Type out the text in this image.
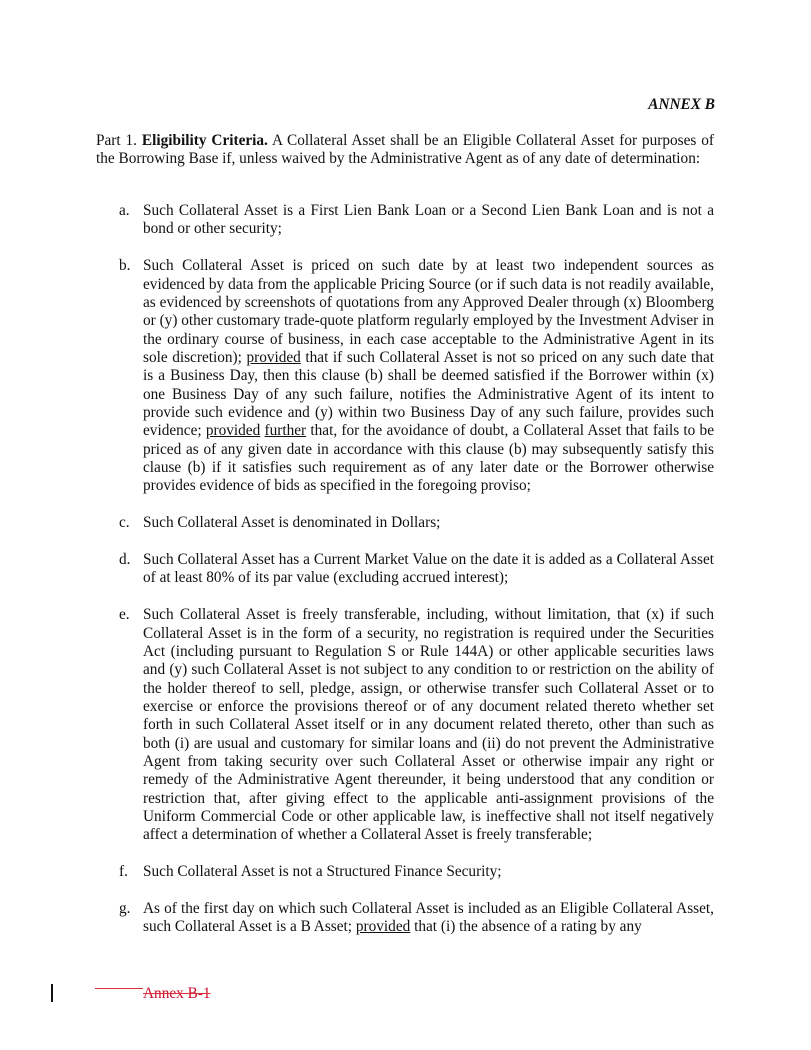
ANNEX B
Part 1. Eligibility Criteria. A Collateral Asset shall be an Eligible Collateral Asset for purposes of the Borrowing Base if, unless waived by the Administrative Agent as of any date of determination:
a. Such Collateral Asset is a First Lien Bank Loan or a Second Lien Bank Loan and is not a bond or other security;
b. Such Collateral Asset is priced on such date by at least two independent sources as evidenced by data from the applicable Pricing Source (or if such data is not readily available, as evidenced by screenshots of quotations from any Approved Dealer through (x) Bloomberg or (y) other customary trade-quote platform regularly employed by the Investment Adviser in the ordinary course of business, in each case acceptable to the Administrative Agent in its sole discretion); provided that if such Collateral Asset is not so priced on any such date that is a Business Day, then this clause (b) shall be deemed satisfied if the Borrower within (x) one Business Day of any such failure, notifies the Administrative Agent of its intent to provide such evidence and (y) within two Business Day of any such failure, provides such evidence; provided further that, for the avoidance of doubt, a Collateral Asset that fails to be priced as of any given date in accordance with this clause (b) may subsequently satisfy this clause (b) if it satisfies such requirement as of any later date or the Borrower otherwise provides evidence of bids as specified in the foregoing proviso;
c. Such Collateral Asset is denominated in Dollars;
d. Such Collateral Asset has a Current Market Value on the date it is added as a Collateral Asset of at least 80% of its par value (excluding accrued interest);
e. Such Collateral Asset is freely transferable, including, without limitation, that (x) if such Collateral Asset is in the form of a security, no registration is required under the Securities Act (including pursuant to Regulation S or Rule 144A) or other applicable securities laws and (y) such Collateral Asset is not subject to any condition to or restriction on the ability of the holder thereof to sell, pledge, assign, or otherwise transfer such Collateral Asset or to exercise or enforce the provisions thereof or of any document related thereto whether set forth in such Collateral Asset itself or in any document related thereto, other than such as both (i) are usual and customary for similar loans and (ii) do not prevent the Administrative Agent from taking security over such Collateral Asset or otherwise impair any right or remedy of the Administrative Agent thereunder, it being understood that any condition or restriction that, after giving effect to the applicable anti-assignment provisions of the Uniform Commercial Code or other applicable law, is ineffective shall not itself negatively affect a determination of whether a Collateral Asset is freely transferable;
f. Such Collateral Asset is not a Structured Finance Security;
g. As of the first day on which such Collateral Asset is included as an Eligible Collateral Asset, such Collateral Asset is a B Asset; provided that (i) the absence of a rating by any
Annex B-1
